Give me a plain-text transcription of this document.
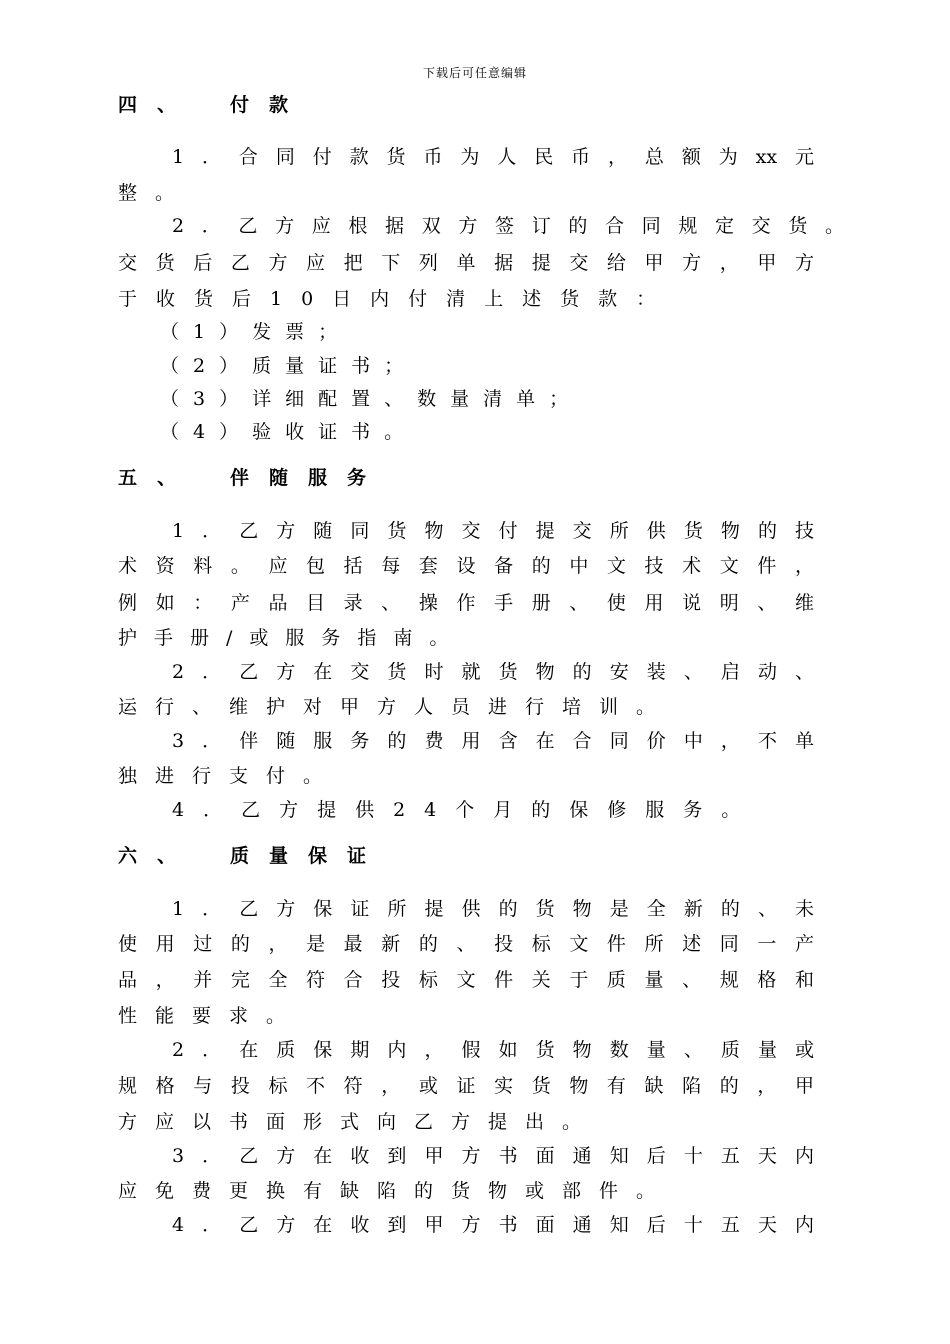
下载后可任意编辑
四、 付款
1．合同付款货币为人民币，总额为xx元
整。
2．乙方应根据双方签订的合同规定交货。
交货后乙方应把下列单据提交给甲方，甲方
于收货后10日内付清上述货款：
（1）发票；
（2）质量证书；
（3）详细配置、数量清单；
（4）验收证书。
五、 伴随服务
1．乙方随同货物交付提交所供货物的技
术资料。应包括每套设备的中文技术文件，
例如：产品目录、操作手册、使用说明、维
护手册/或服务指南。
2．乙方在交货时就货物的安装、启动、
运行、维护对甲方人员进行培训。
3．伴随服务的费用含在合同价中，不单
独进行支付。
4．乙方提供24个月的保修服务。
六、 质量保证
1．乙方保证所提供的货物是全新的、未
使用过的，是最新的、投标文件所述同一产
品，并完全符合投标文件关于质量、规格和
性能要求。
2．在质保期内，假如货物数量、质量或
规格与投标不符，或证实货物有缺陷的，甲
方应以书面形式向乙方提出。
3．乙方在收到甲方书面通知后十五天内
应免费更换有缺陷的货物或部件。
4．乙方在收到甲方书面通知后十五天内
